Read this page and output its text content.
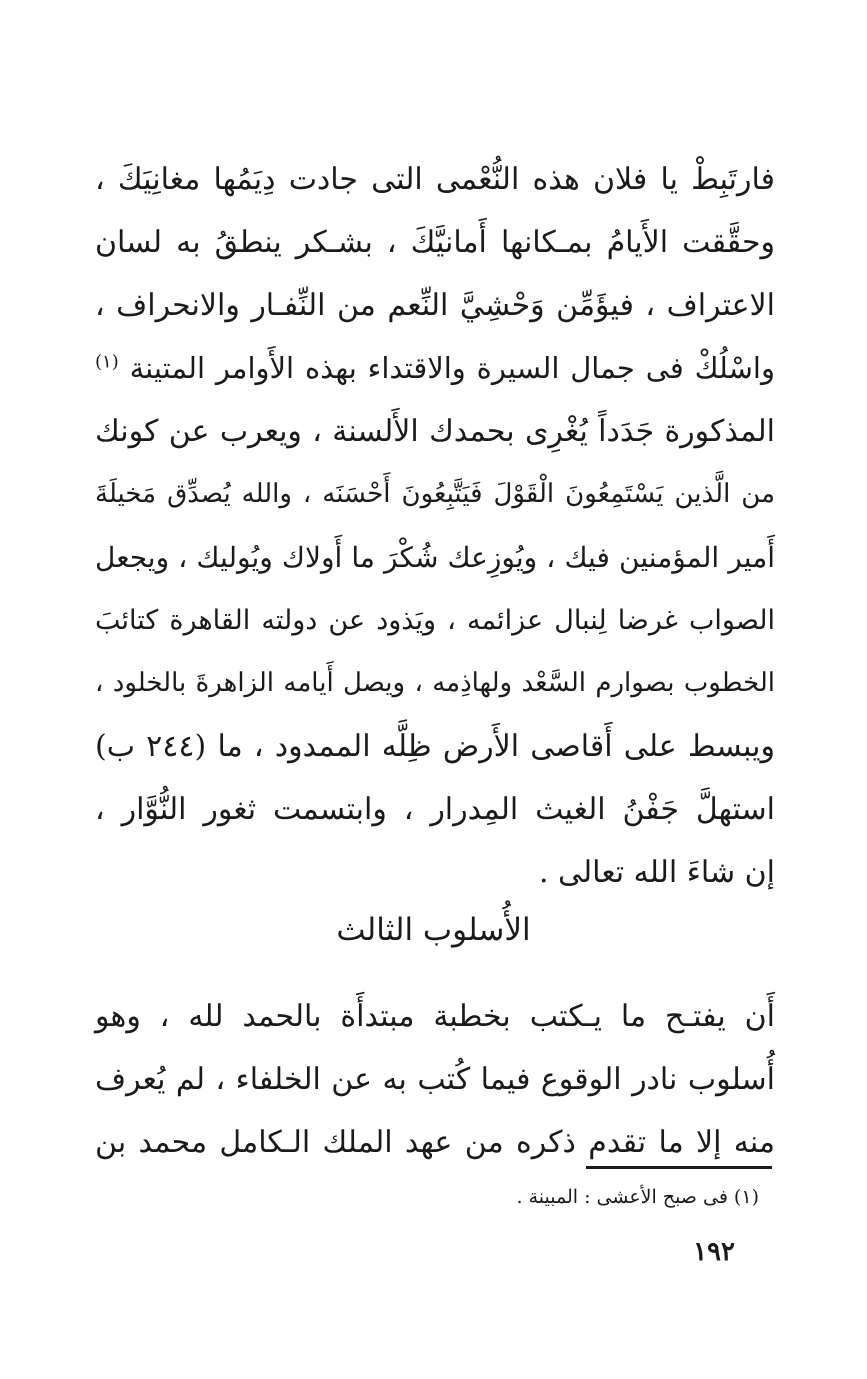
فارتَبِطْ يا فلان هذه النُّعْمى التى جادت دِيَمُها مغانِيَكَ ،
وحقَّقت الأَيامُ بمـكانها أَمانيَّكَ ، بشـكر ينطقُ به لسان
الاعتراف ، فيؤَمِّن وَحْشِيَّ النِّعم من النِّفـار والانحراف ،
واسْلُكْ فى جمال السيرة والاقتداء بهذه الأَوامر المتينة $^{(١)}$
المذكورة جَدَداً يُغْرِى بحمدك الأَلسنة ، ويعرب عن كونك
من الَّذين يَسْتَمِعُونَ الْقَوْلَ فَيَتَّبِعُونَ أَحْسَنَه ، والله يُصدِّق مَخيلَةَ
أَمير المؤمنين فيك ، ويُوزِعك شُكْرَ ما أَولاك ويُوليك ، ويجعل
الصواب غرضا لِنبال عزائمه ، ويَذود عن دولته القاهرة كتائبَ
الخطوب بصوارم السَّعْد ولهاذِمه ، ويصل أَيامه الزاهرةَ بالخلود ،
ويبسط على أَقاصى الأَرض ظِلَّه الممدود ، ما (٢٤٤ ب)
استهلَّ جَفْنُ الغيث المِدرار ، وابتسمت ثغور النُّوَّار ،
إن شاءَ الله تعالى .
الأُسلوب الثالث
أَن يفتـح ما يـكتب بخطبة مبتدأَة بالحمد لله ، وهو
أُسلوب نادر الوقوع فيما كُتب به عن الخلفاء ، لم يُعرف
منه إلا ما تقدم ذكره من عهد الملك الـكامل محمد بن
(١) فى صبح الأعشى : المبينة .
١٩٢
